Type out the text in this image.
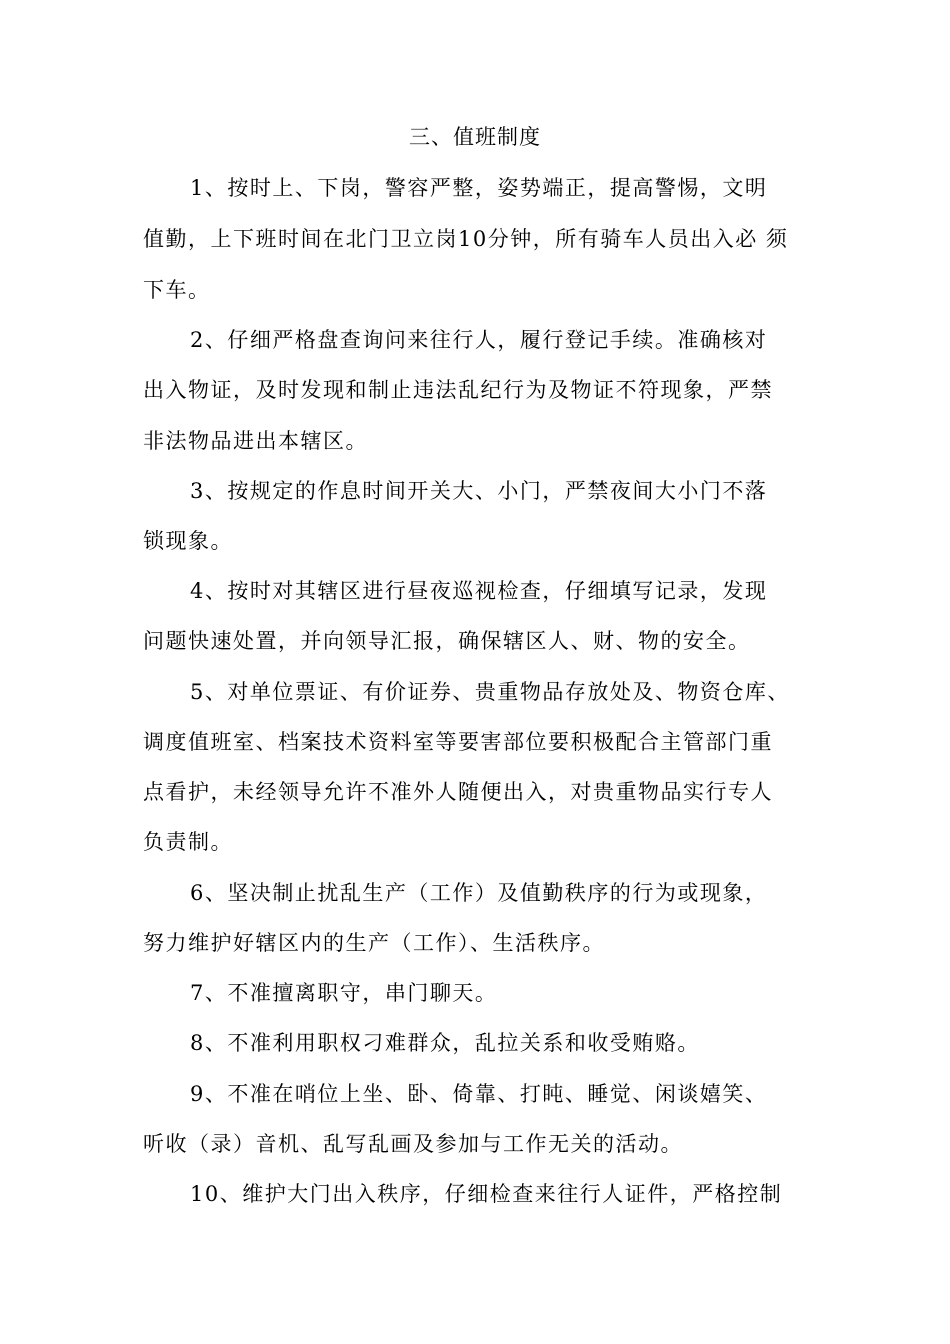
三、值班制度
1、按时上、下岗，警容严整，姿势端正，提高警惕，文明
值勤，上下班时间在北门卫立岗10分钟，所有骑车人员出入必 须
下车。
2、仔细严格盘查询问来往行人，履行登记手续。准确核对
出入物证，及时发现和制止违法乱纪行为及物证不符现象，严禁
非法物品进出本辖区。
3、按规定的作息时间开关大、小门，严禁夜间大小门不落
锁现象。
4、按时对其辖区进行昼夜巡视检查，仔细填写记录，发现
问题快速处置，并向领导汇报，确保辖区人、财、物的安全。
5、对单位票证、有价证券、贵重物品存放处及、物资仓库、
调度值班室、档案技术资料室等要害部位要积极配合主管部门重
点看护，未经领导允许不准外人随便出入，对贵重物品实行专人
负责制。
6、坚决制止扰乱生产（工作）及值勤秩序的行为或现象，
努力维护好辖区内的生产（工作）、生活秩序。
7、不准擅离职守，串门聊天。
8、不准利用职权刁难群众，乱拉关系和收受贿赂。
9、不准在哨位上坐、卧、倚靠、打盹、睡觉、闲谈嬉笑、
听收（录）音机、乱写乱画及参加与工作无关的活动。
10、维护大门出入秩序，仔细检查来往行人证件，严格控制
